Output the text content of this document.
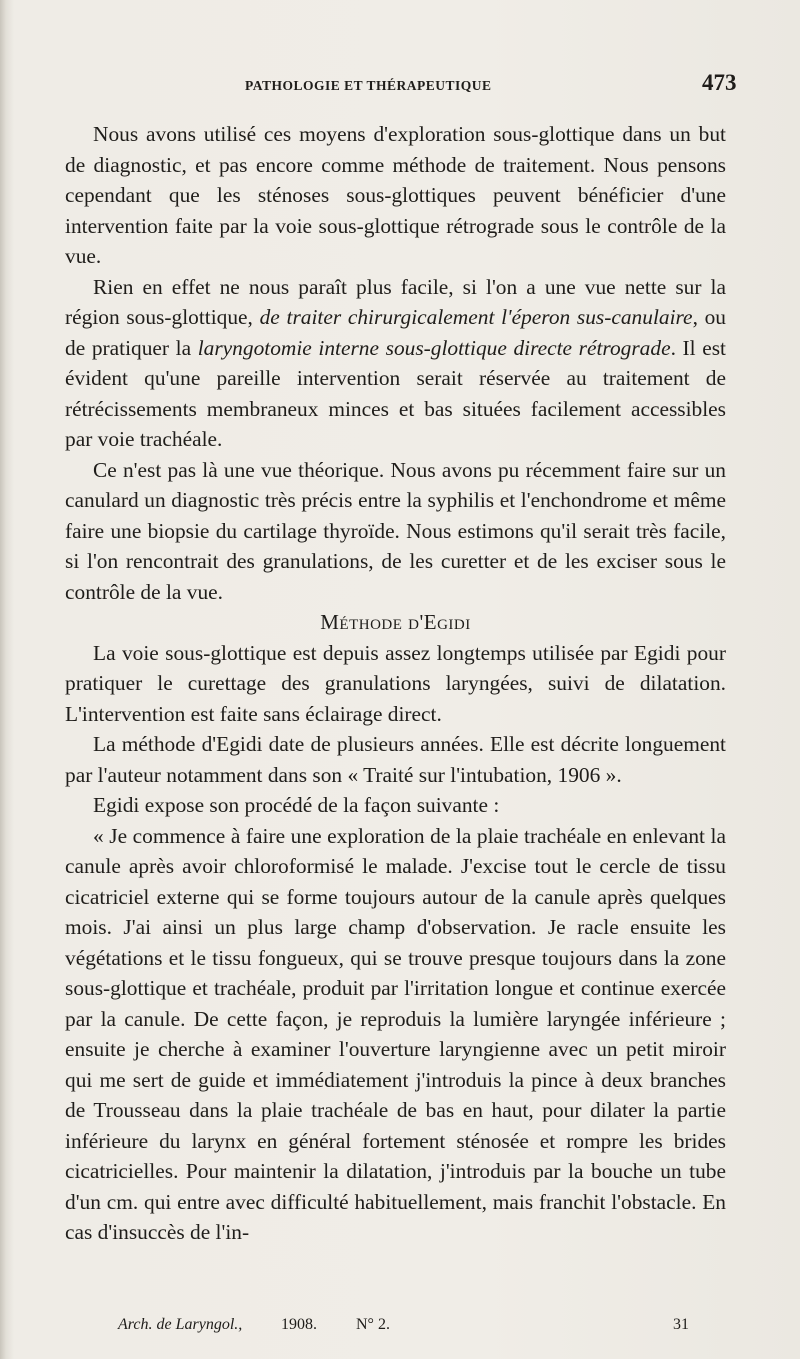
PATHOLOGIE ET THÉRAPEUTIQUE	473

Nous avons utilisé ces moyens d'exploration sous-glottique dans un but de diagnostic, et pas encore comme méthode de traitement. Nous pensons cependant que les sténoses sous-glottiques peuvent bénéficier d'une intervention faite par la voie sous-glottique rétrograde sous le contrôle de la vue.

Rien en effet ne nous paraît plus facile, si l'on a une vue nette sur la région sous-glottique, de traiter chirurgicalement l'éperon sus-canulaire, ou de pratiquer la laryngotomie interne sous-glottique directe rétrograde. Il est évident qu'une pareille intervention serait réservée au traitement de rétrécissements membraneux minces et bas situées facilement accessibles par voie trachéale.

Ce n'est pas là une vue théorique. Nous avons pu récemment faire sur un canulard un diagnostic très précis entre la syphilis et l'enchondrome et même faire une biopsie du cartilage thyroïde. Nous estimons qu'il serait très facile, si l'on rencontrait des granulations, de les curetter et de les exciser sous le contrôle de la vue.

Méthode d'Egidi

La voie sous-glottique est depuis assez longtemps utilisée par Egidi pour pratiquer le curettage des granulations laryngées, suivi de dilatation. L'intervention est faite sans éclairage direct.

La méthode d'Egidi date de plusieurs années. Elle est décrite longuement par l'auteur notamment dans son « Traité sur l'intubation, 1906 ».

Egidi expose son procédé de la façon suivante :

« Je commence à faire une exploration de la plaie trachéale en enlevant la canule après avoir chloroformisé le malade. J'excise tout le cercle de tissu cicatriciel externe qui se forme toujours autour de la canule après quelques mois. J'ai ainsi un plus large champ d'observation. Je racle ensuite les végétations et le tissu fongueux, qui se trouve presque toujours dans la zone sous-glottique et trachéale, produit par l'irritation longue et continue exercée par la canule. De cette façon, je reproduis la lumière laryngée inférieure ; ensuite je cherche à examiner l'ouverture laryngienne avec un petit miroir qui me sert de guide et immédiatement j'introduis la pince à deux branches de Trousseau dans la plaie trachéale de bas en haut, pour dilater la partie inférieure du larynx en général fortement sténosée et rompre les brides cicatricielles. Pour maintenir la dilatation, j'introduis par la bouche un tube d'un cm. qui entre avec difficulté habituellement, mais franchit l'obstacle. En cas d'insuccès de l'in-

Arch. de Laryngol., 1908. N° 2.	31
